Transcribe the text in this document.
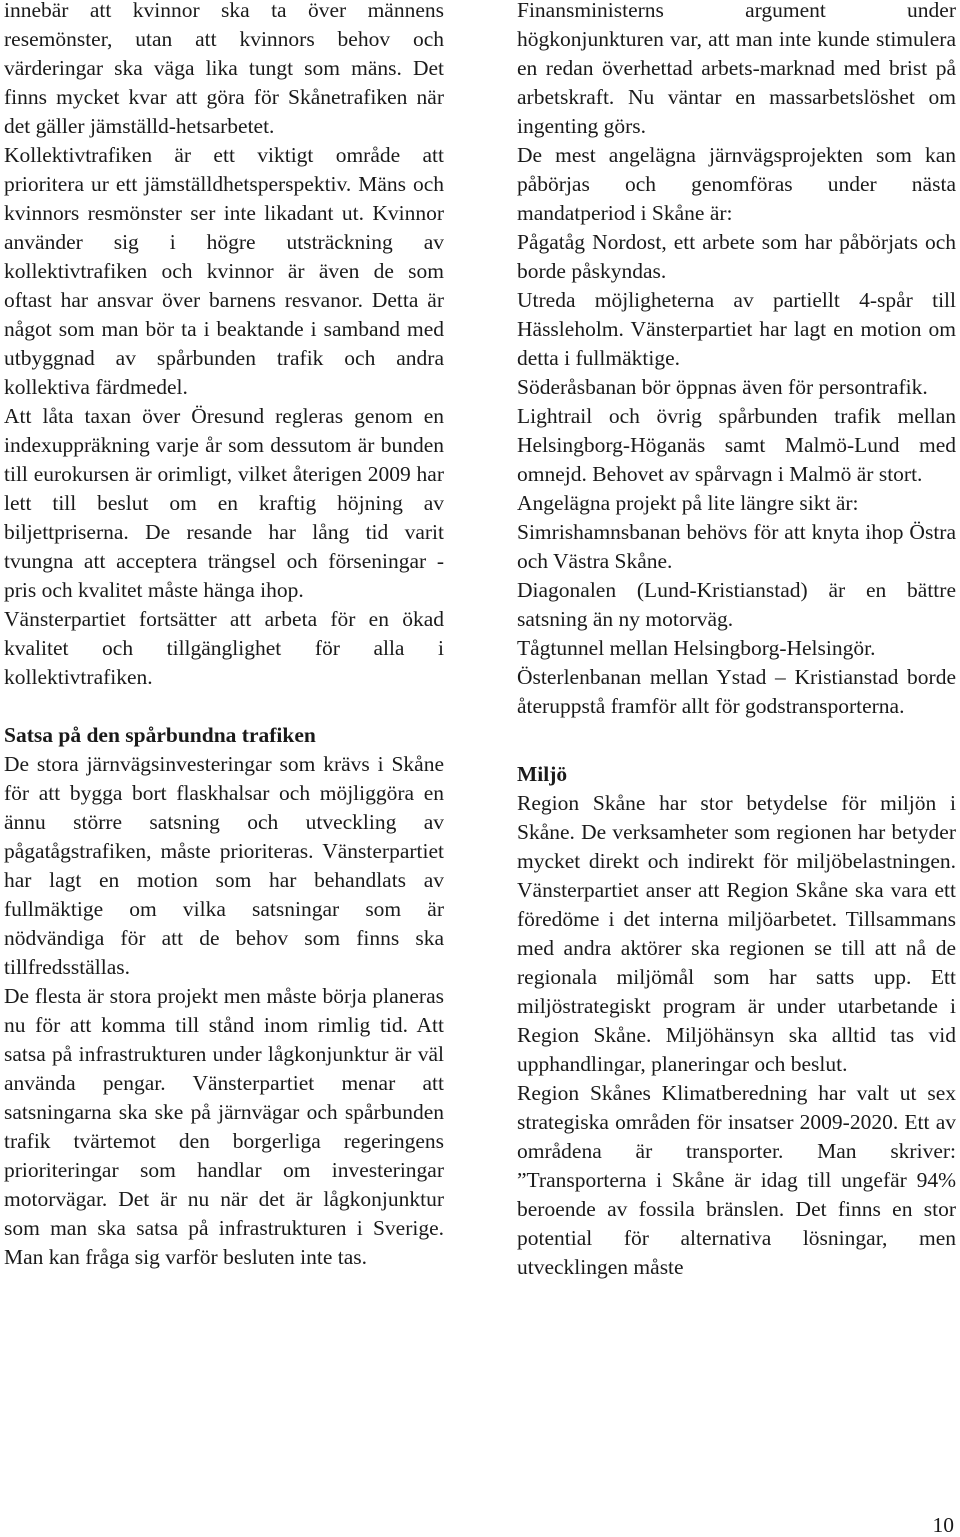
innebär att kvinnor ska ta över männens resemönster, utan att kvinnors behov och värderingar ska väga lika tungt som mäns. Det finns mycket kvar att göra för Skånetrafiken när det gäller jämställd-hetsarbetet.

Kollektivtrafiken är ett viktigt område att prioritera ur ett jämställdhetsperspektiv. Mäns och kvinnors resmönster ser inte likadant ut. Kvinnor använder sig i högre utsträckning av kollektivtrafiken och kvinnor är även de som oftast har ansvar över barnens resvanor. Detta är något som man bör ta i beaktande i samband med utbyggnad av spårbunden trafik och andra kollektiva färdmedel.

Att låta taxan över Öresund regleras genom en indexuppräkning varje år som dessutom är bunden till eurokursen är orimligt, vilket återigen 2009 har lett till beslut om en kraftig höjning av biljettpriserna. De resande har lång tid varit tvungna att acceptera trängsel och förseningar - pris och kvalitet måste hänga ihop.

Vänsterpartiet fortsätter att arbeta för en ökad kvalitet och tillgänglighet för alla i kollektivtrafiken.

Satsa på den spårbundna trafiken

De stora järnvägsinvesteringar som krävs i Skåne för att bygga bort flaskhalsar och möjliggöra en ännu större satsning och utveckling av pågatågstrafiken, måste prioriteras. Vänsterpartiet har lagt en motion som har behandlats av fullmäktige om vilka satsningar som är nödvändiga för att de behov som finns ska tillfredsställas.

De flesta är stora projekt men måste börja planeras nu för att komma till stånd inom rimlig tid. Att satsa på infrastrukturen under lågkonjunktur är väl använda pengar. Vänsterpartiet menar att satsningarna ska ske på järnvägar och spårbunden trafik tvärtemot den borgerliga regeringens prioriteringar som handlar om investeringar motorvägar. Det är nu när det är lågkonjunktur som man ska satsa på infrastrukturen i Sverige. Man kan fråga sig varför besluten inte tas.

Finansministerns argument under högkonjunkturen var, att man inte kunde stimulera en redan överhettad arbets-marknad med brist på arbetskraft. Nu väntar en massarbetslöshet om ingenting görs.

De mest angelägna järnvägsprojekten som kan påbörjas och genomföras under nästa mandatperiod i Skåne är:

Pågatåg Nordost, ett arbete som har påbörjats och borde påskyndas.

Utreda möjligheterna av partiellt 4-spår till Hässleholm. Vänsterpartiet har lagt en motion om detta i fullmäktige.

Söderåsbanan bör öppnas även för persontrafik.

Lightrail och övrig spårbunden trafik mellan Helsingborg-Höganäs samt Malmö-Lund med omnejd. Behovet av spårvagn i Malmö är stort.

Angelägna projekt på lite längre sikt är:

Simrishamnsbanan behövs för att knyta ihop Östra och Västra Skåne.

Diagonalen (Lund-Kristianstad) är en bättre satsning än ny motorväg.

Tågtunnel mellan Helsingborg-Helsingör.

Österlenbanan mellan Ystad – Kristianstad borde återuppstå framför allt för godstransporterna.

Miljö

Region Skåne har stor betydelse för miljön i Skåne. De verksamheter som regionen har betyder mycket direkt och indirekt för miljöbelastningen. Vänsterpartiet anser att Region Skåne ska vara ett föredöme i det interna miljöarbetet. Tillsammans med andra aktörer ska regionen se till att nå de regionala miljömål som har satts upp. Ett miljöstrategiskt program är under utarbetande i Region Skåne. Miljöhänsyn ska alltid tas vid upphandlingar, planeringar och beslut.

Region Skånes Klimatberedning har valt ut sex strategiska områden för insatser 2009-2020. Ett av områdena är transporter. Man skriver: ”Transporterna i Skåne är idag till ungefär 94% beroende av fossila bränslen. Det finns en stor potential för alternativa lösningar, men utvecklingen måste

10
